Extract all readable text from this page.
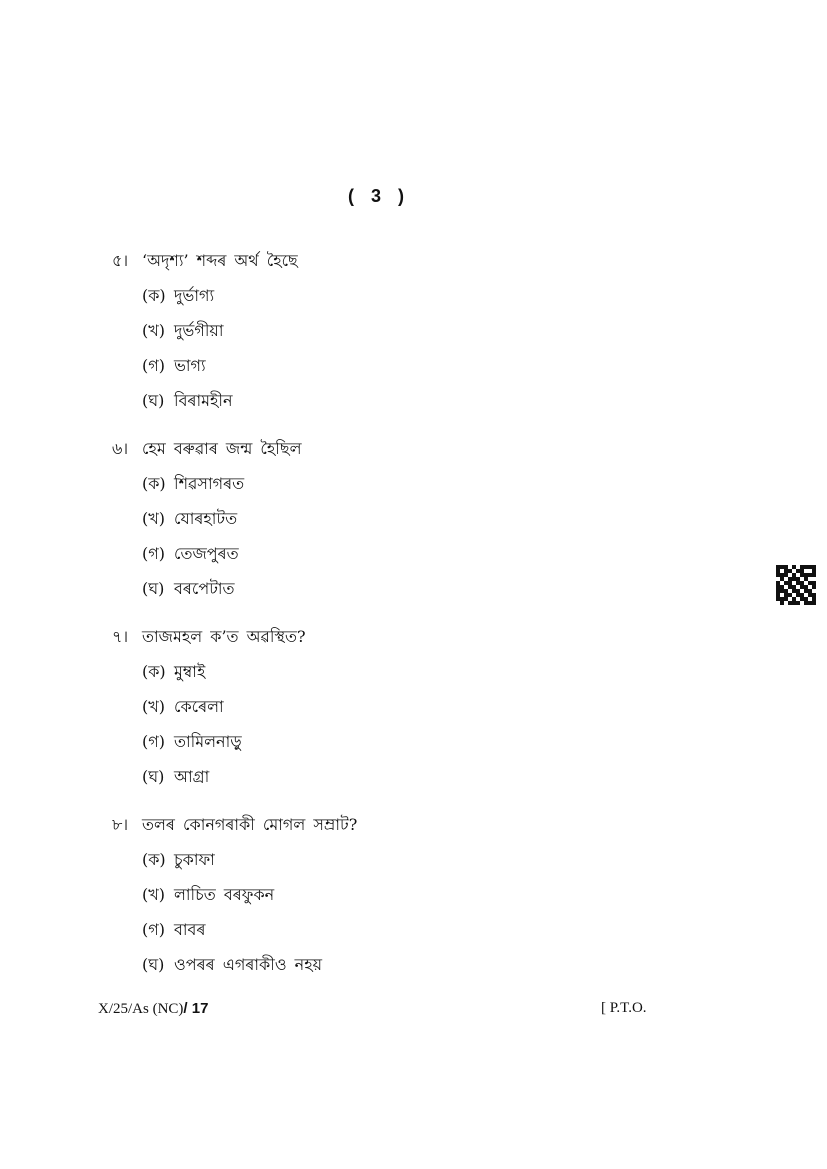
( 3 )
৫। ‘অদৃশ্য’ শব্দৰ অৰ্থ হৈছে
(ক) দুৰ্ভাগ্য
(খ) দুৰ্ভগীয়া
(গ) ভাগ্য
(ঘ) বিৰামহীন
৬। হেম বৰুৱাৰ জন্ম হৈছিল
(ক) শিৱসাগৰত
(খ) যোৰহাটত
(গ) তেজপুৰত
(ঘ) বৰপেটাত
৭। তাজমহল ক’ত অৱস্থিত?
(ক) মুম্বাই
(খ) কেৰেলা
(গ) তামিলনাড়ু
(ঘ) আগ্ৰা
৮। তলৰ কোনগৰাকী মোগল সম্ৰাট?
(ক) চুকাফা
(খ) লাচিত বৰফুকন
(গ) বাবৰ
(ঘ) ওপৰৰ এগৰাকীও নহয়
X/25/As (NC)/ 17	[ P.T.O.
